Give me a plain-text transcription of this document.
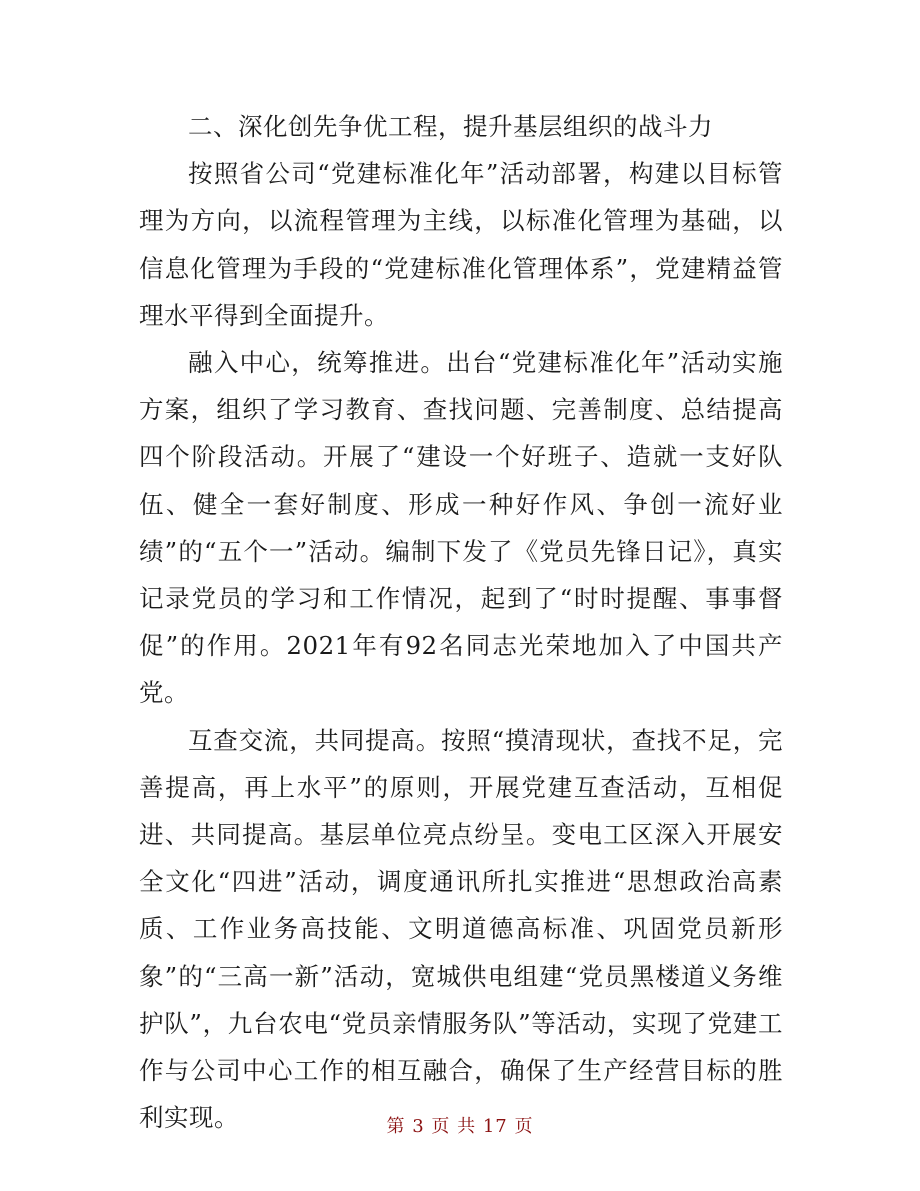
二、深化创先争优工程，提升基层组织的战斗力

按照省公司“党建标准化年”活动部署，构建以目标管理为方向，以流程管理为主线，以标准化管理为基础，以信息化管理为手段的“党建标准化管理体系”，党建精益管理水平得到全面提升。

融入中心，统筹推进。出台“党建标准化年”活动实施方案，组织了学习教育、查找问题、完善制度、总结提高四个阶段活动。开展了“建设一个好班子、造就一支好队伍、健全一套好制度、形成一种好作风、争创一流好业绩”的“五个一”活动。编制下发了《党员先锋日记》，真实记录党员的学习和工作情况，起到了“时时提醒、事事督促”的作用。2021年有92名同志光荣地加入了中国共产党。

互查交流，共同提高。按照“摸清现状，查找不足，完善提高，再上水平”的原则，开展党建互查活动，互相促进、共同提高。基层单位亮点纷呈。变电工区深入开展安全文化“四进”活动，调度通讯所扎实推进“思想政治高素质、工作业务高技能、文明道德高标准、巩固党员新形象”的“三高一新”活动，宽城供电组建“党员黑楼道义务维护队”，九台农电“党员亲情服务队”等活动，实现了党建工作与公司中心工作的相互融合，确保了生产经营目标的胜利实现。	第 3 页 共 17 页
